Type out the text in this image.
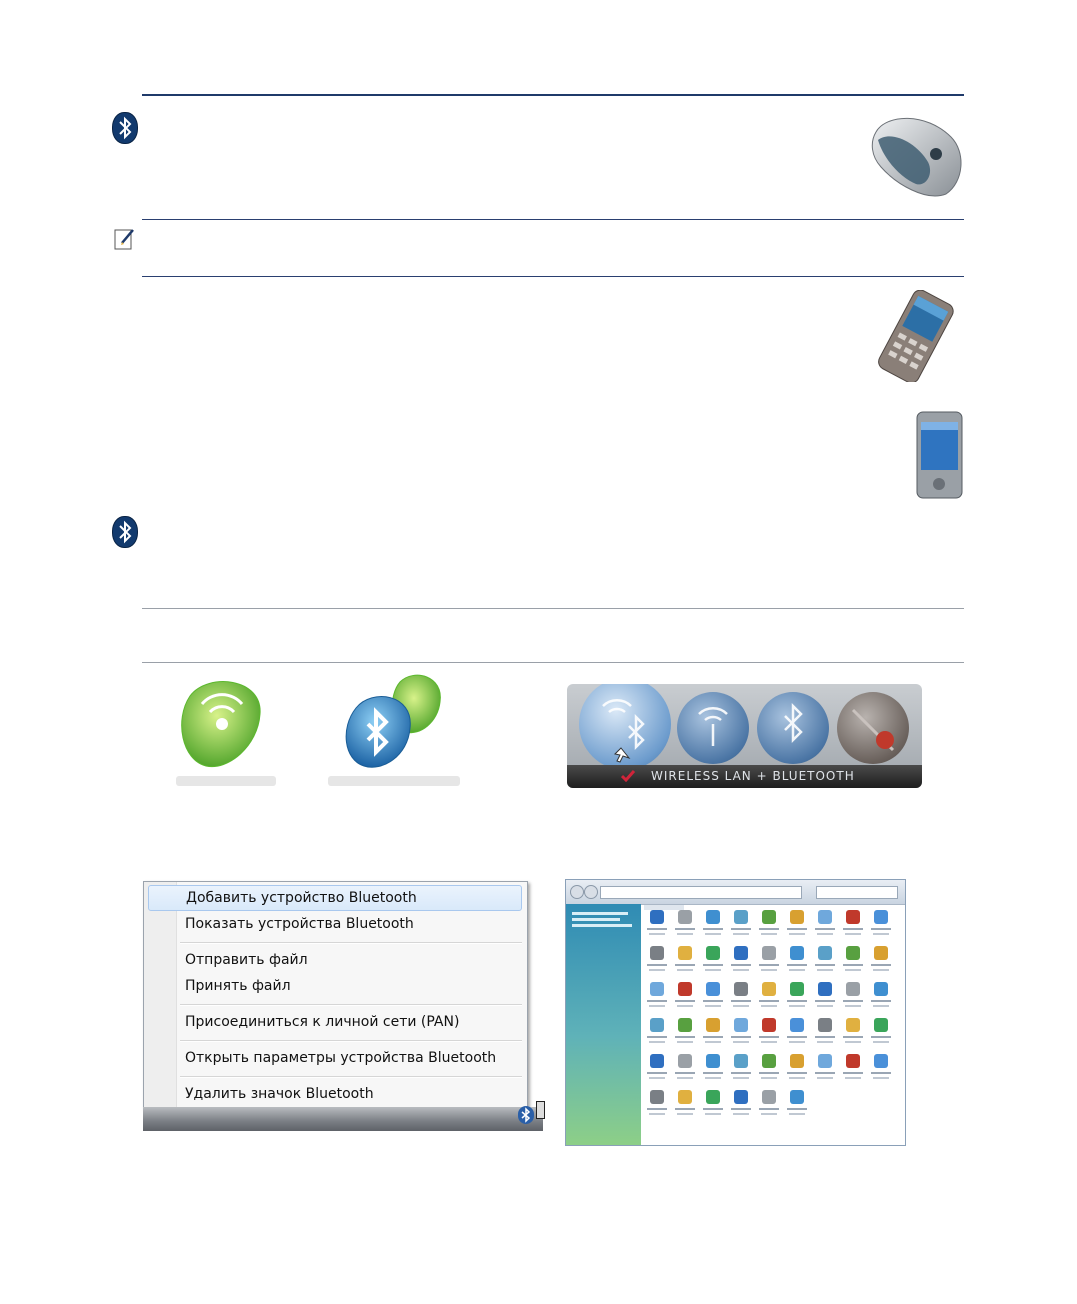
WIRELESS LAN + BLUETOOTH
Добавить устройство Bluetooth
Показать устройства Bluetooth
Отправить файл
Принять файл
Присоединиться к личной сети (PAN)
Открыть параметры устройства Bluetooth
Удалить значок Bluetooth
